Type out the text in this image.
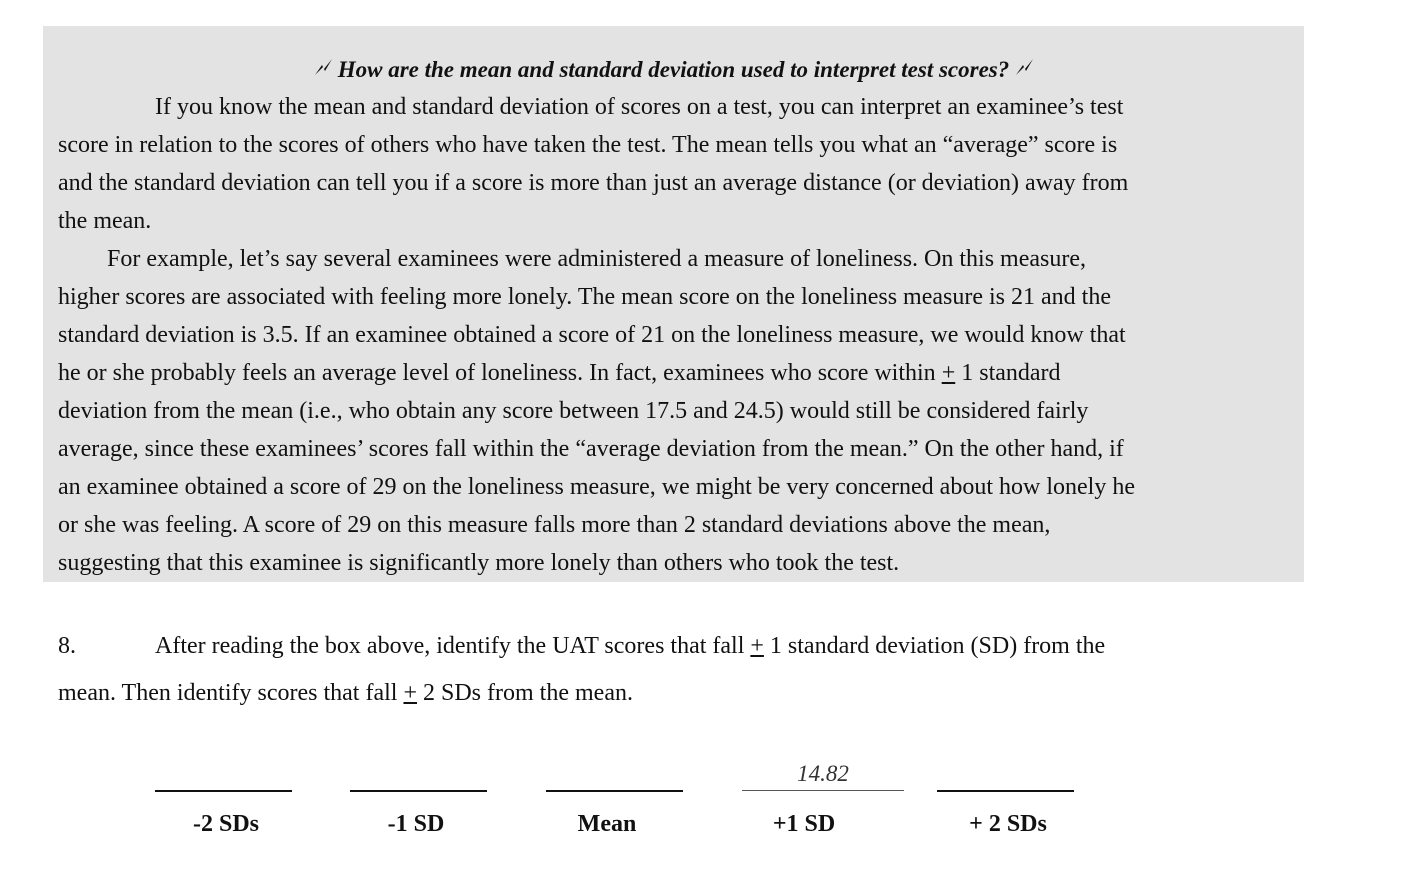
How are the mean and standard deviation used to interpret test scores?
If you know the mean and standard deviation of scores on a test, you can interpret an examinee’s test
score in relation to the scores of others who have taken the test. The mean tells you what an “average” score is
and the standard deviation can tell you if a score is more than just an average distance (or deviation) away from
the mean.
For example, let’s say several examinees were administered a measure of loneliness. On this measure,
higher scores are associated with feeling more lonely. The mean score on the loneliness measure is 21 and the
standard deviation is 3.5. If an examinee obtained a score of 21 on the loneliness measure, we would know that
he or she probably feels an average level of loneliness. In fact, examinees who score within + 1 standard
deviation from the mean (i.e., who obtain any score between 17.5 and 24.5) would still be considered fairly
average, since these examinees’ scores fall within the “average deviation from the mean.” On the other hand, if
an examinee obtained a score of 29 on the loneliness measure, we might be very concerned about how lonely he
or she was feeling. A score of 29 on this measure falls more than 2 standard deviations above the mean,
suggesting that this examinee is significantly more lonely than others who took the test.
8.	After reading the box above, identify the UAT scores that fall + 1 standard deviation (SD) from the
mean. Then identify scores that fall + 2 SDs from the mean.
14.82
-2 SDs	-1 SD	Mean	+1 SD	+ 2 SDs
